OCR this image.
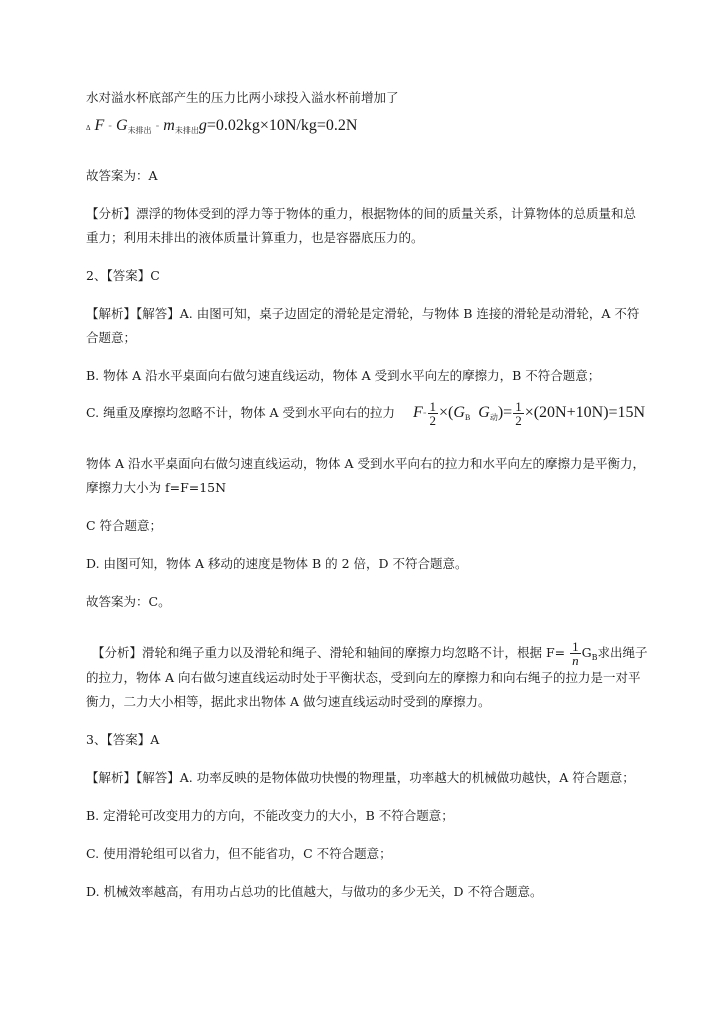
水对溢水杯底部产生的压力比两小球投入溢水杯前增加了
Δ F ⁼ $G_{未排出}$ ⁼ $m_{未排出}g=0.02kg\times 10N/kg=0.2N$
故答案为：A
【分析】漂浮的物体受到的浮力等于物体的重力，根据物体的间的质量关系，计算物体的总质量和总
重力；利用未排出的液体质量计算重力，也是容器底压力的。
2、【答案】C
【解析】【解答】A. 由图可知，桌子边固定的滑轮是定滑轮，与物体 B 连接的滑轮是动滑轮，A 不符
合题意；
B. 物体 A 沿水平桌面向右做匀速直线运动，物体 A 受到水平向左的摩擦力，B 不符合题意；
C. 绳重及摩擦均忽略不计，物体 A 受到水平向右的拉力 $F^= \frac{1}{2} \times(G_B$ $G_动)= \frac{1}{2} \times(20N+10N)=15N$
物体 A 沿水平桌面向右做匀速直线运动，物体 A 受到水平向右的拉力和水平向左的摩擦力是平衡力，
摩擦力大小为 f=F=15N
C 符合题意；
D. 由图可知，物体 A 移动的速度是物体 B 的 2 倍，D 不符合题意。
故答案为：C。
【分析】滑轮和绳子重力以及滑轮和绳子、滑轮和轴间的摩擦力均忽略不计，根据 $F= \frac{1}{n} G_B$求出绳子
的拉力，物体 A 向右做匀速直线运动时处于平衡状态，受到向左的摩擦力和向右绳子的拉力是一对平
衡力，二力大小相等，据此求出物体 A 做匀速直线运动时受到的摩擦力。
3、【答案】A
【解析】【解答】A. 功率反映的是物体做功快慢的物理量，功率越大的机械做功越快，A 符合题意；
B. 定滑轮可改变用力的方向，不能改变力的大小，B 不符合题意；
C. 使用滑轮组可以省力，但不能省功，C 不符合题意；
D. 机械效率越高，有用功占总功的比值越大，与做功的多少无关，D 不符合题意。
